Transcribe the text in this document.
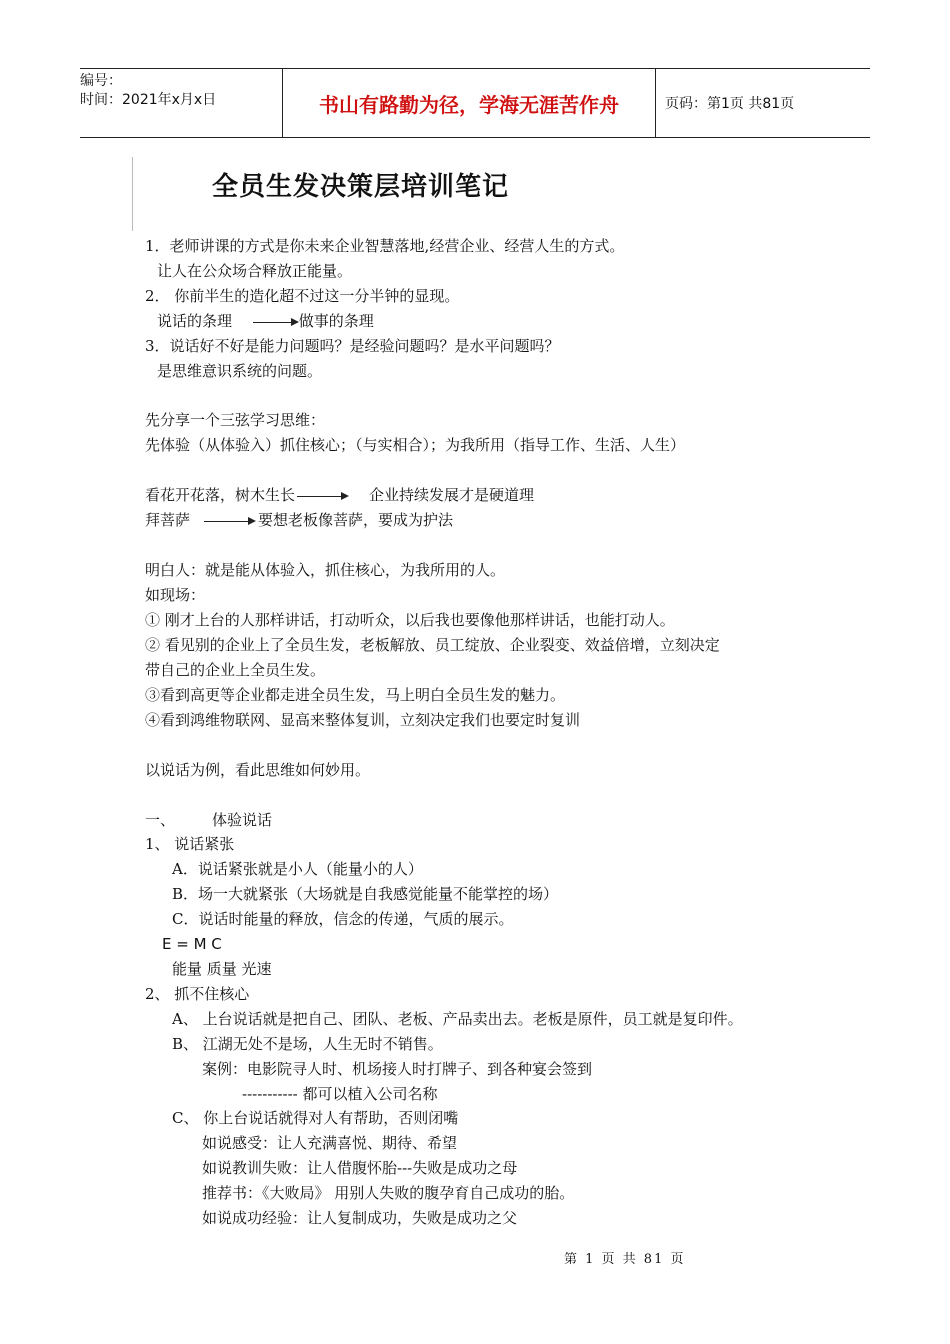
编号：
时间：2021年x月x日	书山有路勤为径，学海无涯苦作舟	页码：第1页 共81页
全员生发决策层培训笔记
1．老师讲课的方式是你未来企业智慧落地,经营企业、经营人生的方式。
让人在公众场合释放正能量。
2． 你前半生的造化超不过这一分半钟的显现。
说话的条理	做事的条理
3．说话好不好是能力问题吗？是经验问题吗？是水平问题吗？
是思维意识系统的问题。
先分享一个三弦学习思维：
先体验（从体验入）抓住核心；（与实相合）；为我所用（指导工作、生活、人生）
看花开花落，树木生长	企业持续发展才是硬道理
拜菩萨	要想老板像菩萨，要成为护法
明白人：就是能从体验入，抓住核心，为我所用的人。
如现场：
① 刚才上台的人那样讲话，打动听众，以后我也要像他那样讲话，也能打动人。
② 看见别的企业上了全员生发，老板解放、员工绽放、企业裂变、效益倍增，立刻决定
带自己的企业上全员生发。
③看到高更等企业都走进全员生发，马上明白全员生发的魅力。
④看到鸿维物联网、显高来整体复训，立刻决定我们也要定时复训
以说话为例，看此思维如何妙用。
一、 体验说话
1、 说话紧张
A．说话紧张就是小人（能量小的人）
B．场一大就紧张（大场就是自我感觉能量不能掌控的场）
C．说话时能量的释放，信念的传递，气质的展示。
E = M C
能量 质量 光速
2、 抓不住核心
A、 上台说话就是把自己、团队、老板、产品卖出去。老板是原件，员工就是复印件。
B、 江湖无处不是场，人生无时不销售。
案例：电影院寻人时、机场接人时打牌子、到各种宴会签到
----------- 都可以植入公司名称
C、 你上台说话就得对人有帮助，否则闭嘴
如说感受：让人充满喜悦、期待、希望
如说教训失败：让人借腹怀胎---失败是成功之母
推荐书：《大败局》 用别人失败的腹孕育自己成功的胎。
如说成功经验：让人复制成功，失败是成功之父
第 1 页 共 81 页
